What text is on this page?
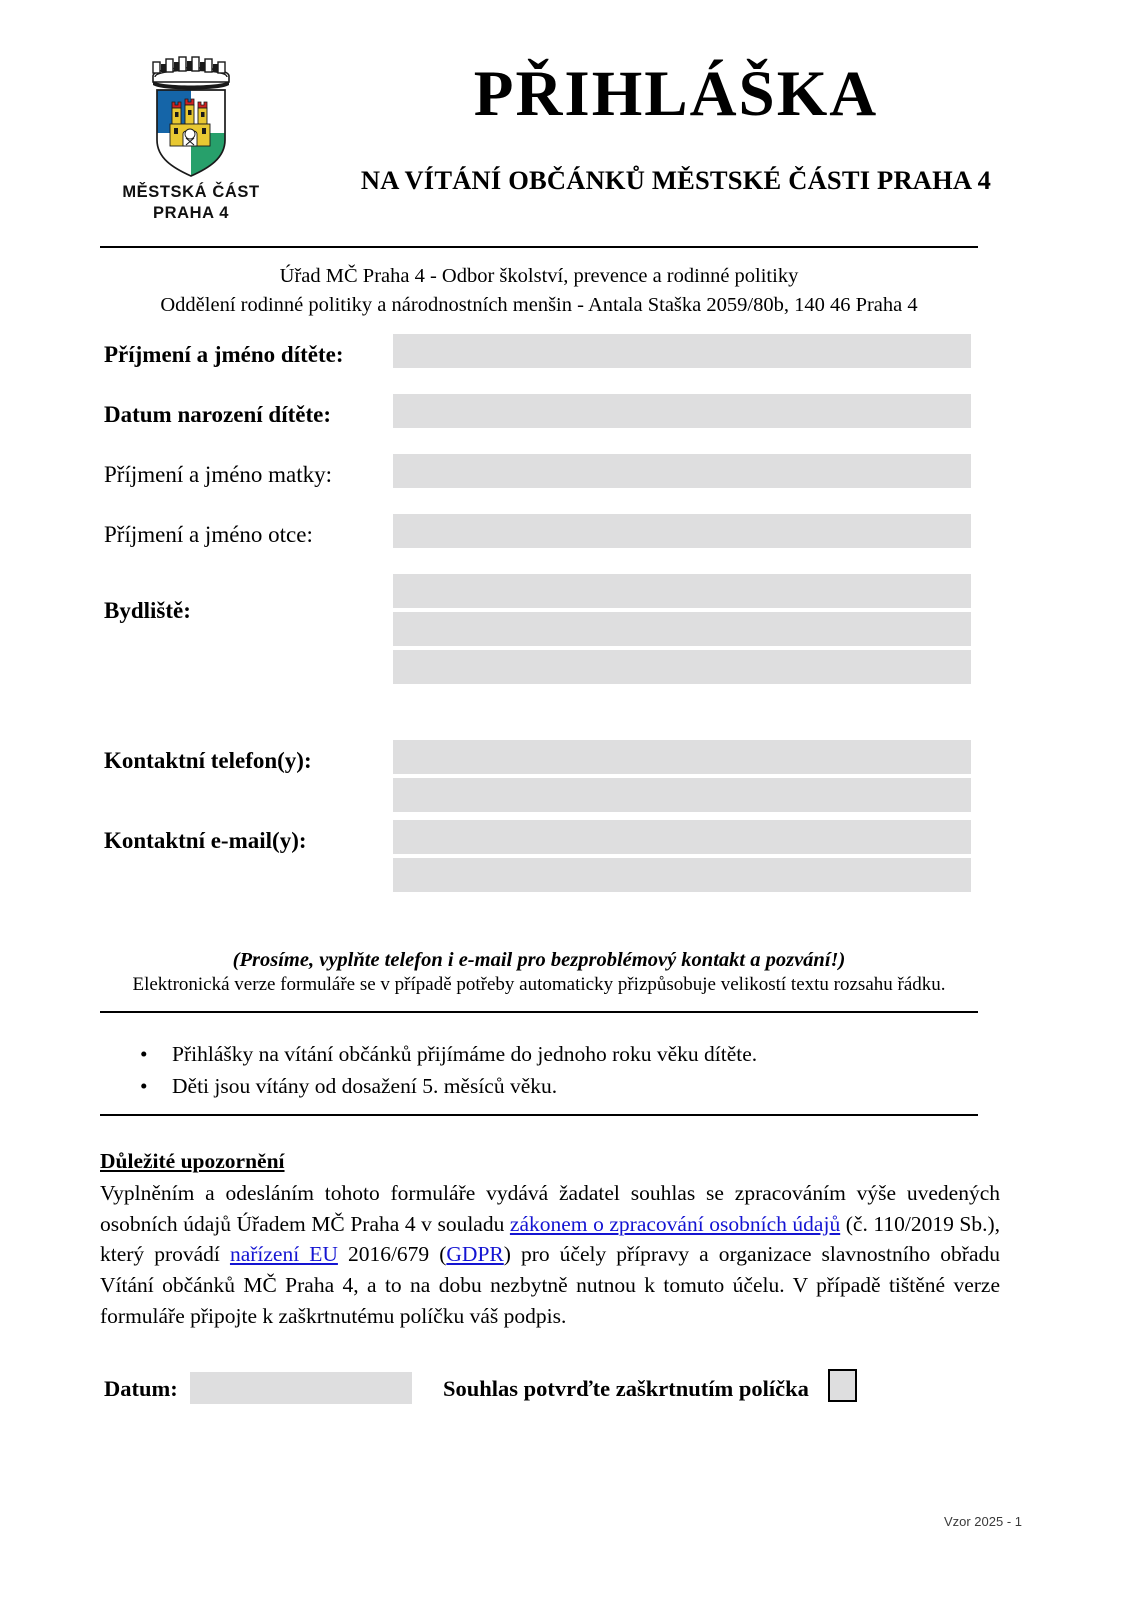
MĚSTSKÁ ČÁST
PRAHA 4
PŘIHLÁŠKA
NA VÍTÁNÍ OBČÁNKŮ MĚSTSKÉ ČÁSTI PRAHA 4
Úřad MČ Praha 4 - Odbor školství, prevence a rodinné politiky
Oddělení rodinné politiky a národnostních menšin - Antala Staška 2059/80b, 140 46 Praha 4
Příjmení a jméno dítěte:
Datum narození dítěte:
Příjmení a jméno matky:
Příjmení a jméno otce:
Bydliště:
Kontaktní telefon(y):
Kontaktní e-mail(y):
(Prosíme, vyplňte telefon i e-mail pro bezproblémový kontakt a pozvání!)
Elektronická verze formuláře se v případě potřeby automaticky přizpůsobuje velikostí textu rozsahu řádku.
• Přihlášky na vítání občánků přijímáme do jednoho roku věku dítěte.
• Děti jsou vítány od dosažení 5. měsíců věku.
Důležité upozornění
Vyplněním a odesláním tohoto formuláře vydává žadatel souhlas se zpracováním výše uvedených osobních údajů Úřadem MČ Praha 4 v souladu zákonem o zpracování osobních údajů (č. 110/2019 Sb.), který provádí nařízení EU 2016/679 (GDPR) pro účely přípravy a organizace slavnostního obřadu Vítání občánků MČ Praha 4, a to na dobu nezbytně nutnou k tomuto účelu. V případě tištěné verze formuláře připojte k zaškrtnutému políčku váš podpis.
Datum:	Souhlas potvrďte zaškrtnutím políčka
Vzor 2025 - 1
